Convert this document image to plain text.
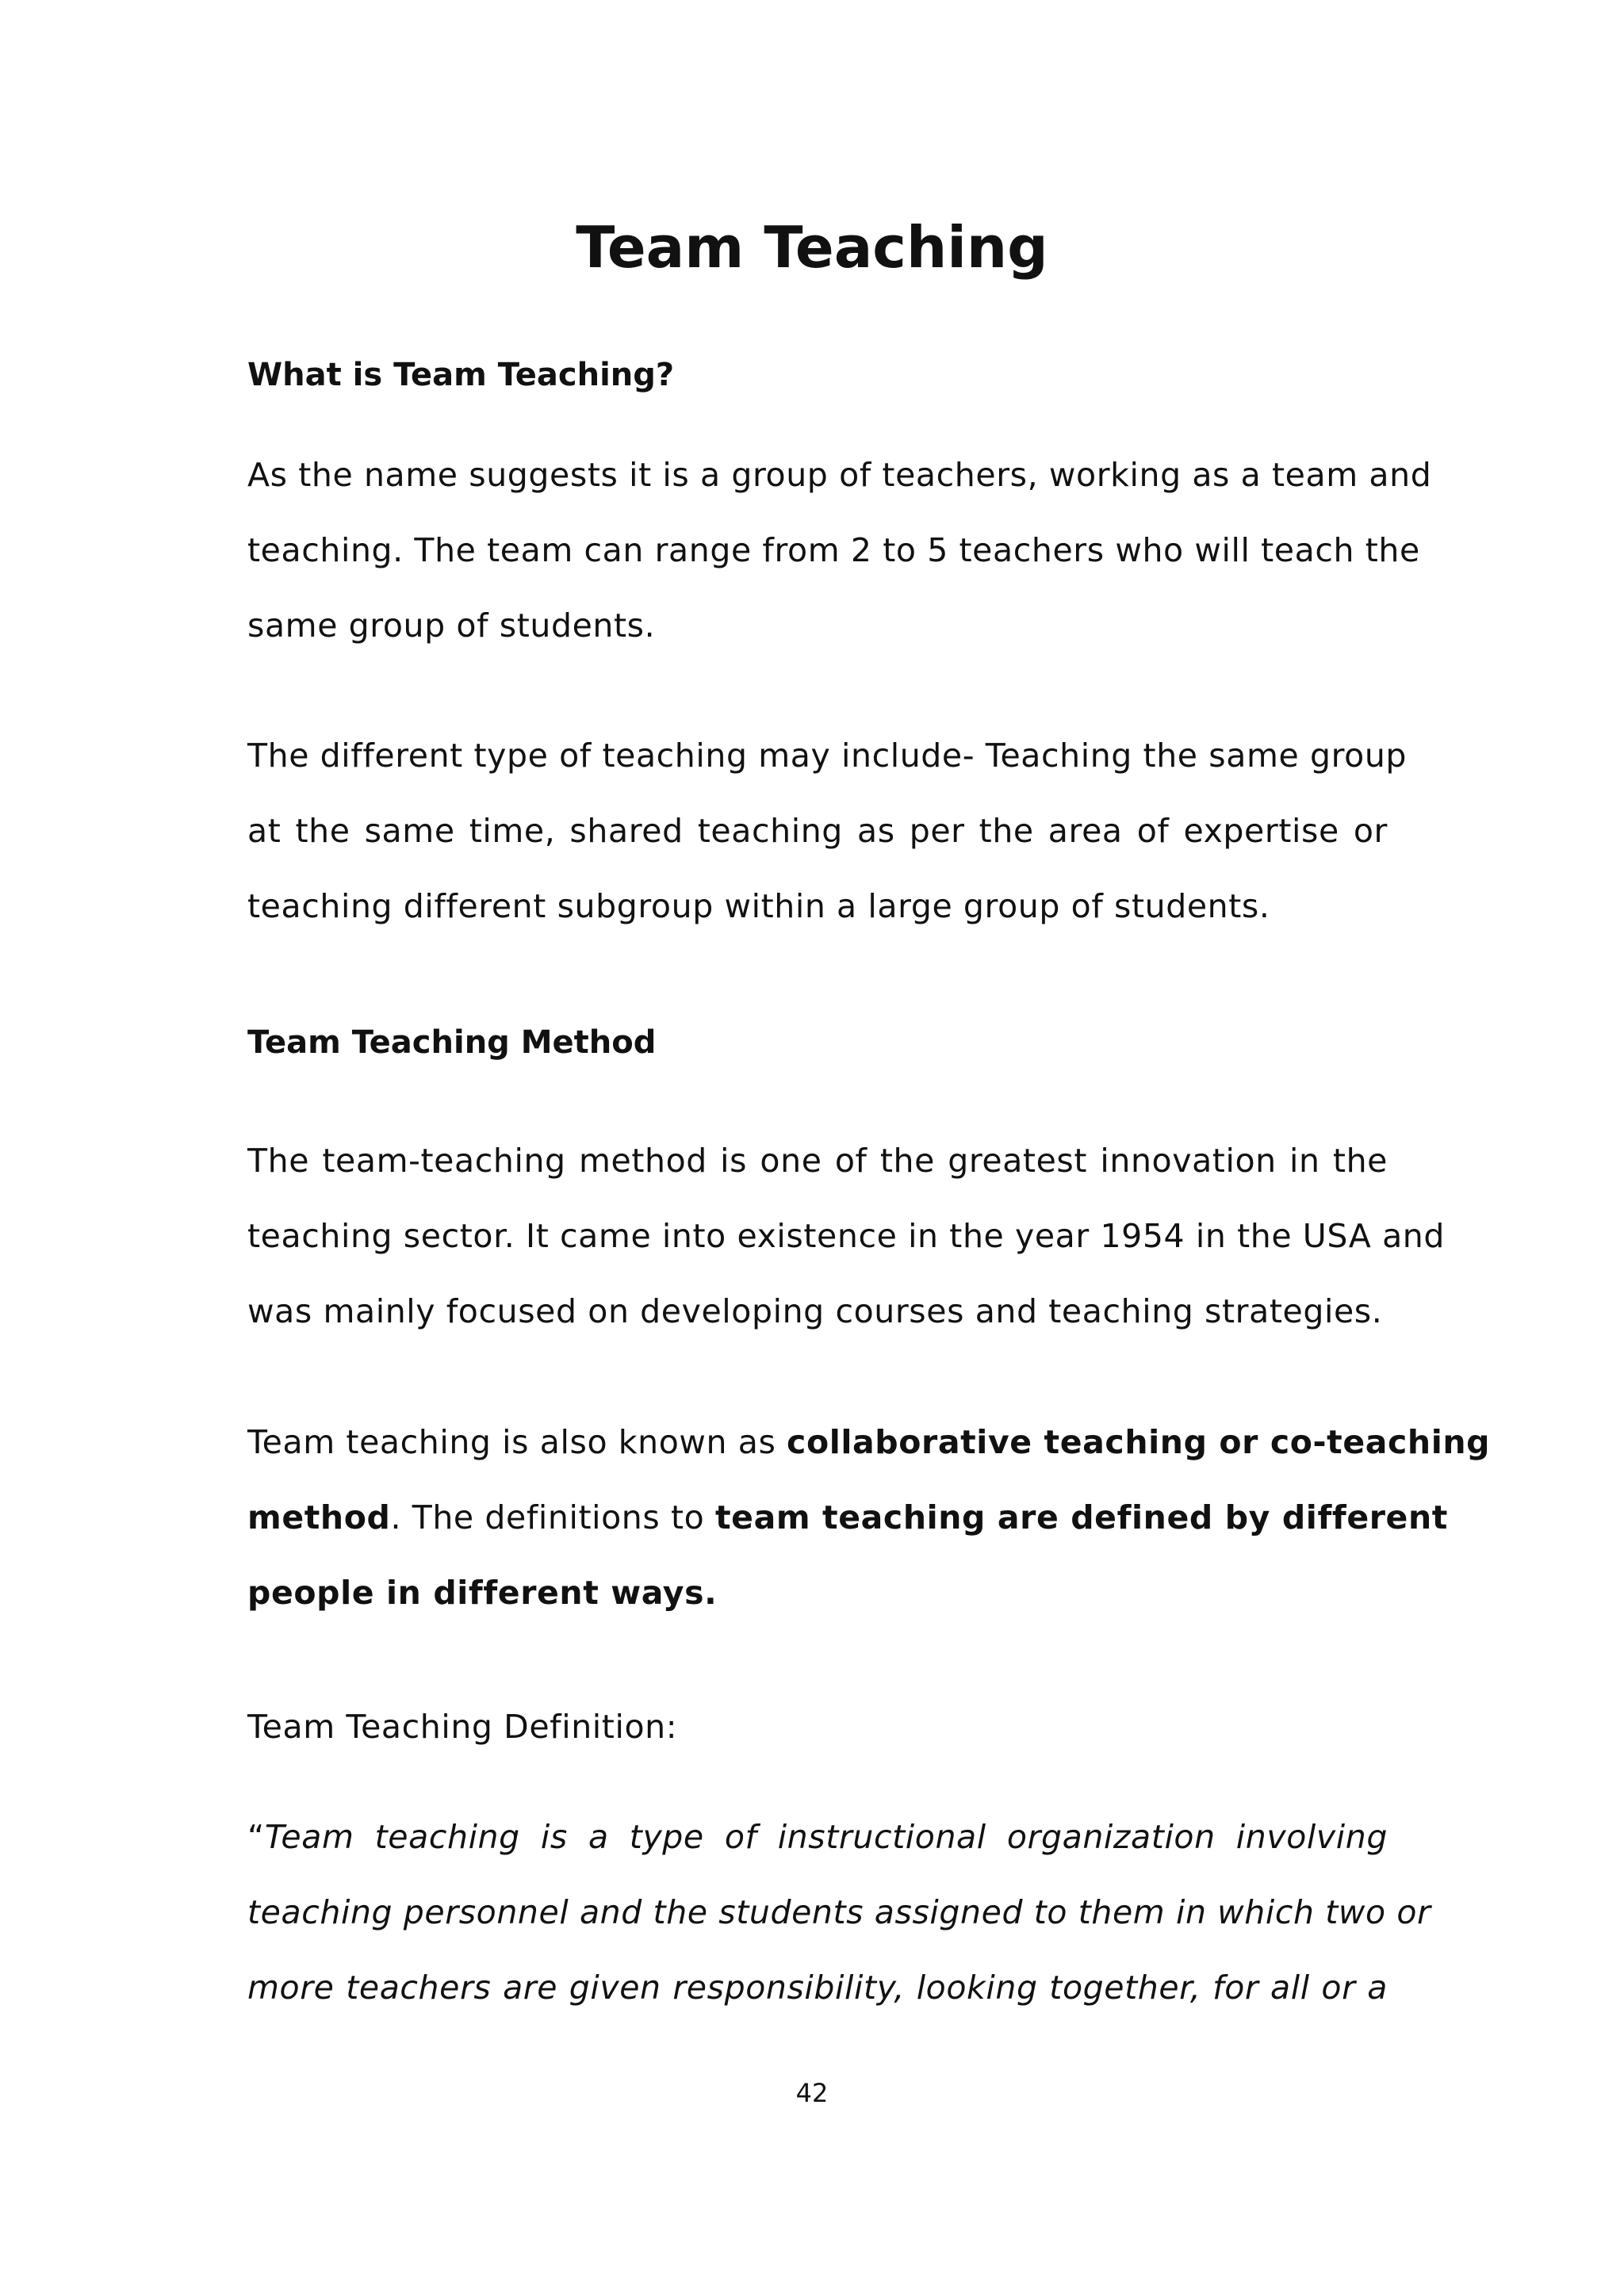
Team Teaching
What is Team Teaching?

As the name suggests it is a group of teachers, working as a team and
teaching. The team can range from 2 to 5 teachers who will teach the
same group of students.

The different type of teaching may include- Teaching the same group
at the same time, shared teaching as per the area of expertise or
teaching different subgroup within a large group of students.

Team Teaching Method

The team-teaching method is one of the greatest innovation in the
teaching sector. It came into existence in the year 1954 in the USA and
was mainly focused on developing courses and teaching strategies.

Team teaching is also known as collaborative teaching or co-teaching
method. The definitions to team teaching are defined by different
people in different ways.

Team Teaching Definition:

“Team teaching is a type of instructional organization involving
teaching personnel and the students assigned to them in which two or
more teachers are given responsibility, looking together, for all or a

42
